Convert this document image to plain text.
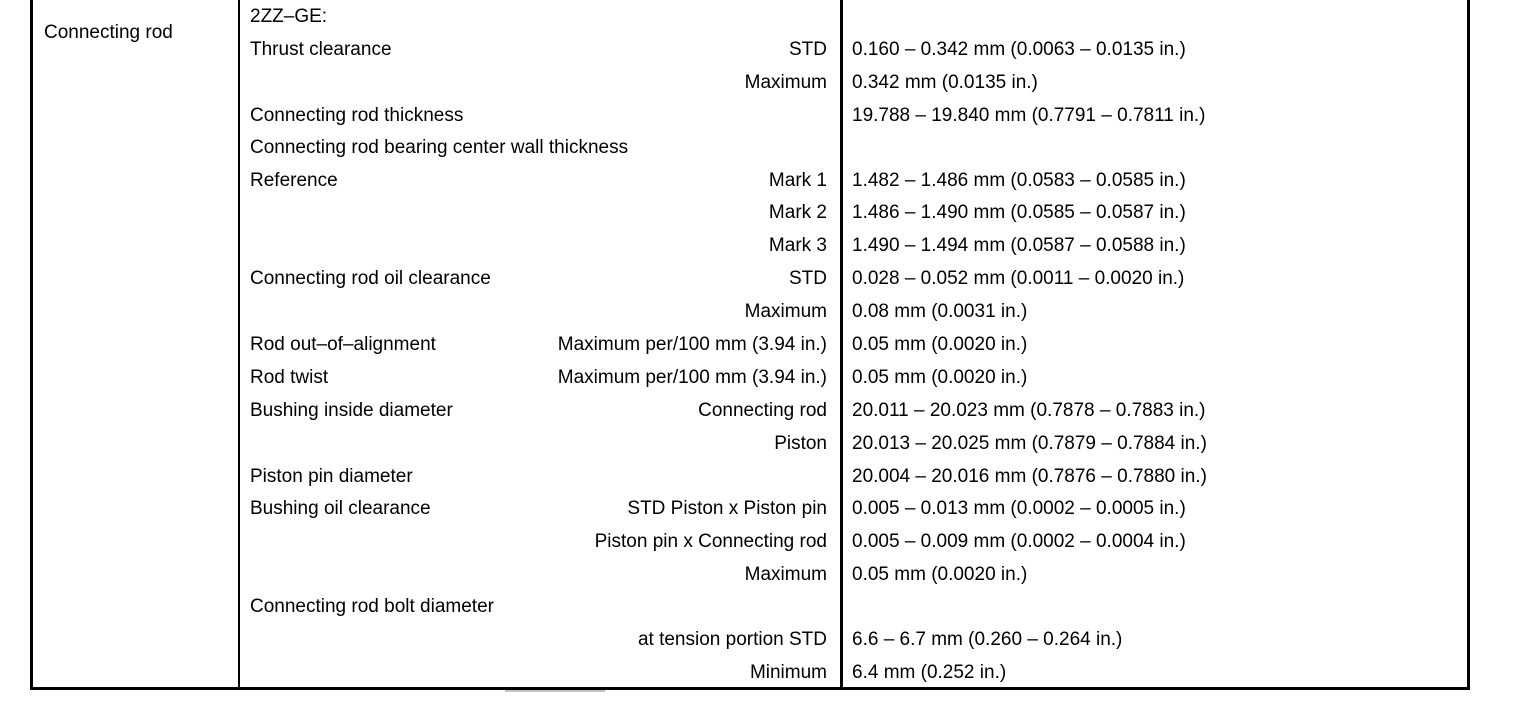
Connecting rod
2ZZ–GE:
Thrust clearance	STD 0.160 – 0.342 mm (0.0063 – 0.0135 in.)
Maximum 0.342 mm (0.0135 in.)
Connecting rod thickness	19.788 – 19.840 mm (0.7791 – 0.7811 in.)
Connecting rod bearing center wall thickness
Reference	Mark 1 1.482 – 1.486 mm (0.0583 – 0.0585 in.)
Mark 2 1.486 – 1.490 mm (0.0585 – 0.0587 in.)
Mark 3 1.490 – 1.494 mm (0.0587 – 0.0588 in.)
Connecting rod oil clearance	STD 0.028 – 0.052 mm (0.0011 – 0.0020 in.)
Maximum 0.08 mm (0.0031 in.)
Rod out–of–alignment	Maximum per/100 mm (3.94 in.) 0.05 mm (0.0020 in.)
Rod twist	Maximum per/100 mm (3.94 in.) 0.05 mm (0.0020 in.)
Bushing inside diameter	Connecting rod 20.011 – 20.023 mm (0.7878 – 0.7883 in.)
Piston 20.013 – 20.025 mm (0.7879 – 0.7884 in.)
Piston pin diameter	20.004 – 20.016 mm (0.7876 – 0.7880 in.)
Bushing oil clearance	STD Piston x Piston pin 0.005 – 0.013 mm (0.0002 – 0.0005 in.)
Piston pin x Connecting rod 0.005 – 0.009 mm (0.0002 – 0.0004 in.)
Maximum 0.05 mm (0.0020 in.)
Connecting rod bolt diameter
at tension portion STD 6.6 – 6.7 mm (0.260 – 0.264 in.)
Minimum 6.4 mm (0.252 in.)
